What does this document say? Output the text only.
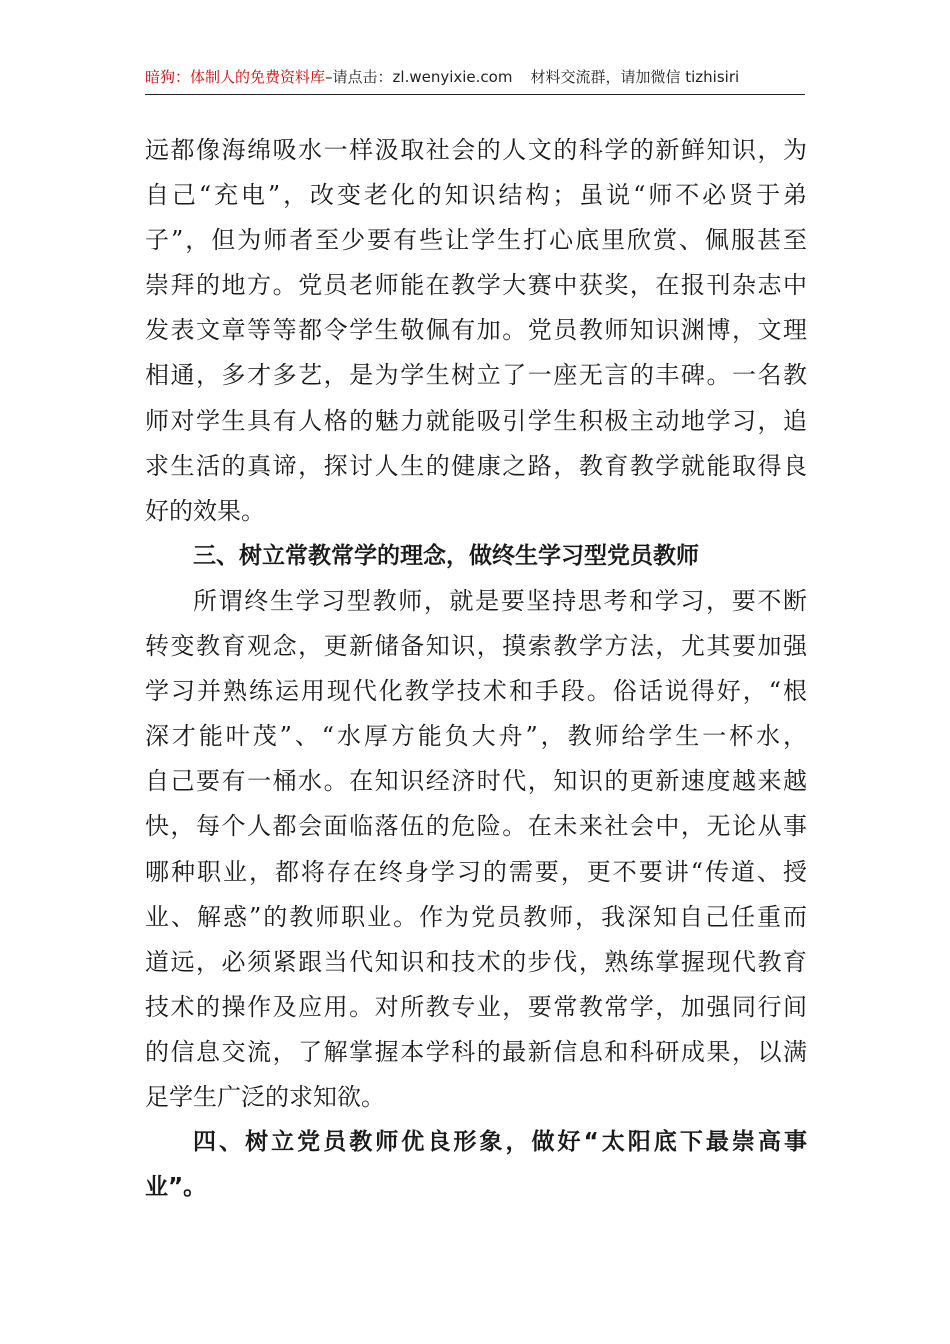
暗狗：体制人的免费资料库–请点击：zl.wenyixie.com 材料交流群，请加微信 tizhisiri
远都像海绵吸水一样汲取社会的人文的科学的新鲜知识，为
自己“充电”，改变老化的知识结构；虽说“师不必贤于弟
子”，但为师者至少要有些让学生打心底里欣赏、佩服甚至
崇拜的地方。党员老师能在教学大赛中获奖，在报刊杂志中
发表文章等等都令学生敬佩有加。党员教师知识渊博，文理
相通，多才多艺，是为学生树立了一座无言的丰碑。一名教
师对学生具有人格的魅力就能吸引学生积极主动地学习，追
求生活的真谛，探讨人生的健康之路，教育教学就能取得良
好的效果。
三、树立常教常学的理念，做终生学习型党员教师
所谓终生学习型教师，就是要坚持思考和学习，要不断
转变教育观念，更新储备知识，摸索教学方法，尤其要加强
学习并熟练运用现代化教学技术和手段。俗话说得好，“根
深才能叶茂”、“水厚方能负大舟”，教师给学生一杯水，
自己要有一桶水。在知识经济时代，知识的更新速度越来越
快，每个人都会面临落伍的危险。在未来社会中，无论从事
哪种职业，都将存在终身学习的需要，更不要讲“传道、授
业、解惑”的教师职业。作为党员教师，我深知自己任重而
道远，必须紧跟当代知识和技术的步伐，熟练掌握现代教育
技术的操作及应用。对所教专业，要常教常学，加强同行间
的信息交流，了解掌握本学科的最新信息和科研成果，以满
足学生广泛的求知欲。
四、树立党员教师优良形象，做好“太阳底下最崇高事
业”。
